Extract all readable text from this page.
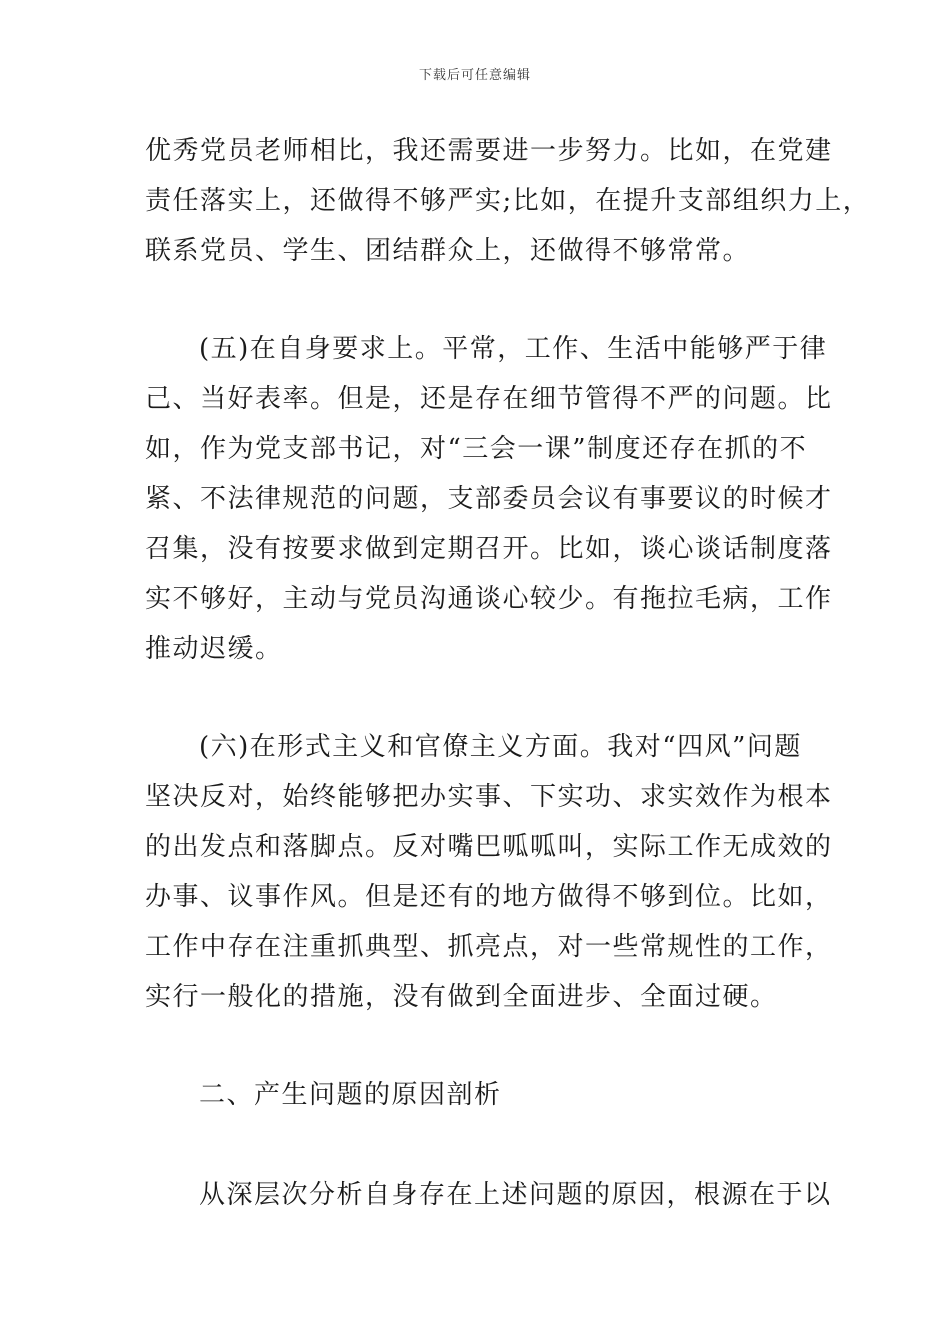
下载后可任意编辑
优秀党员老师相比，我还需要进一步努力。比如，在党建
责任落实上，还做得不够严实;比如，在提升支部组织力上，
联系党员、学生、团结群众上，还做得不够常常。
(五)在自身要求上。平常，工作、生活中能够严于律
己、当好表率。但是，还是存在细节管得不严的问题。比
如，作为党支部书记，对“三会一课”制度还存在抓的不
紧、不法律规范的问题，支部委员会议有事要议的时候才
召集，没有按要求做到定期召开。比如，谈心谈话制度落
实不够好，主动与党员沟通谈心较少。有拖拉毛病，工作
推动迟缓。
(六)在形式主义和官僚主义方面。我对“四风”问题
坚决反对，始终能够把办实事、下实功、求实效作为根本
的出发点和落脚点。反对嘴巴呱呱叫，实际工作无成效的
办事、议事作风。但是还有的地方做得不够到位。比如，
工作中存在注重抓典型、抓亮点，对一些常规性的工作，
实行一般化的措施，没有做到全面进步、全面过硬。
二、产生问题的原因剖析
从深层次分析自身存在上述问题的原因，根源在于以
